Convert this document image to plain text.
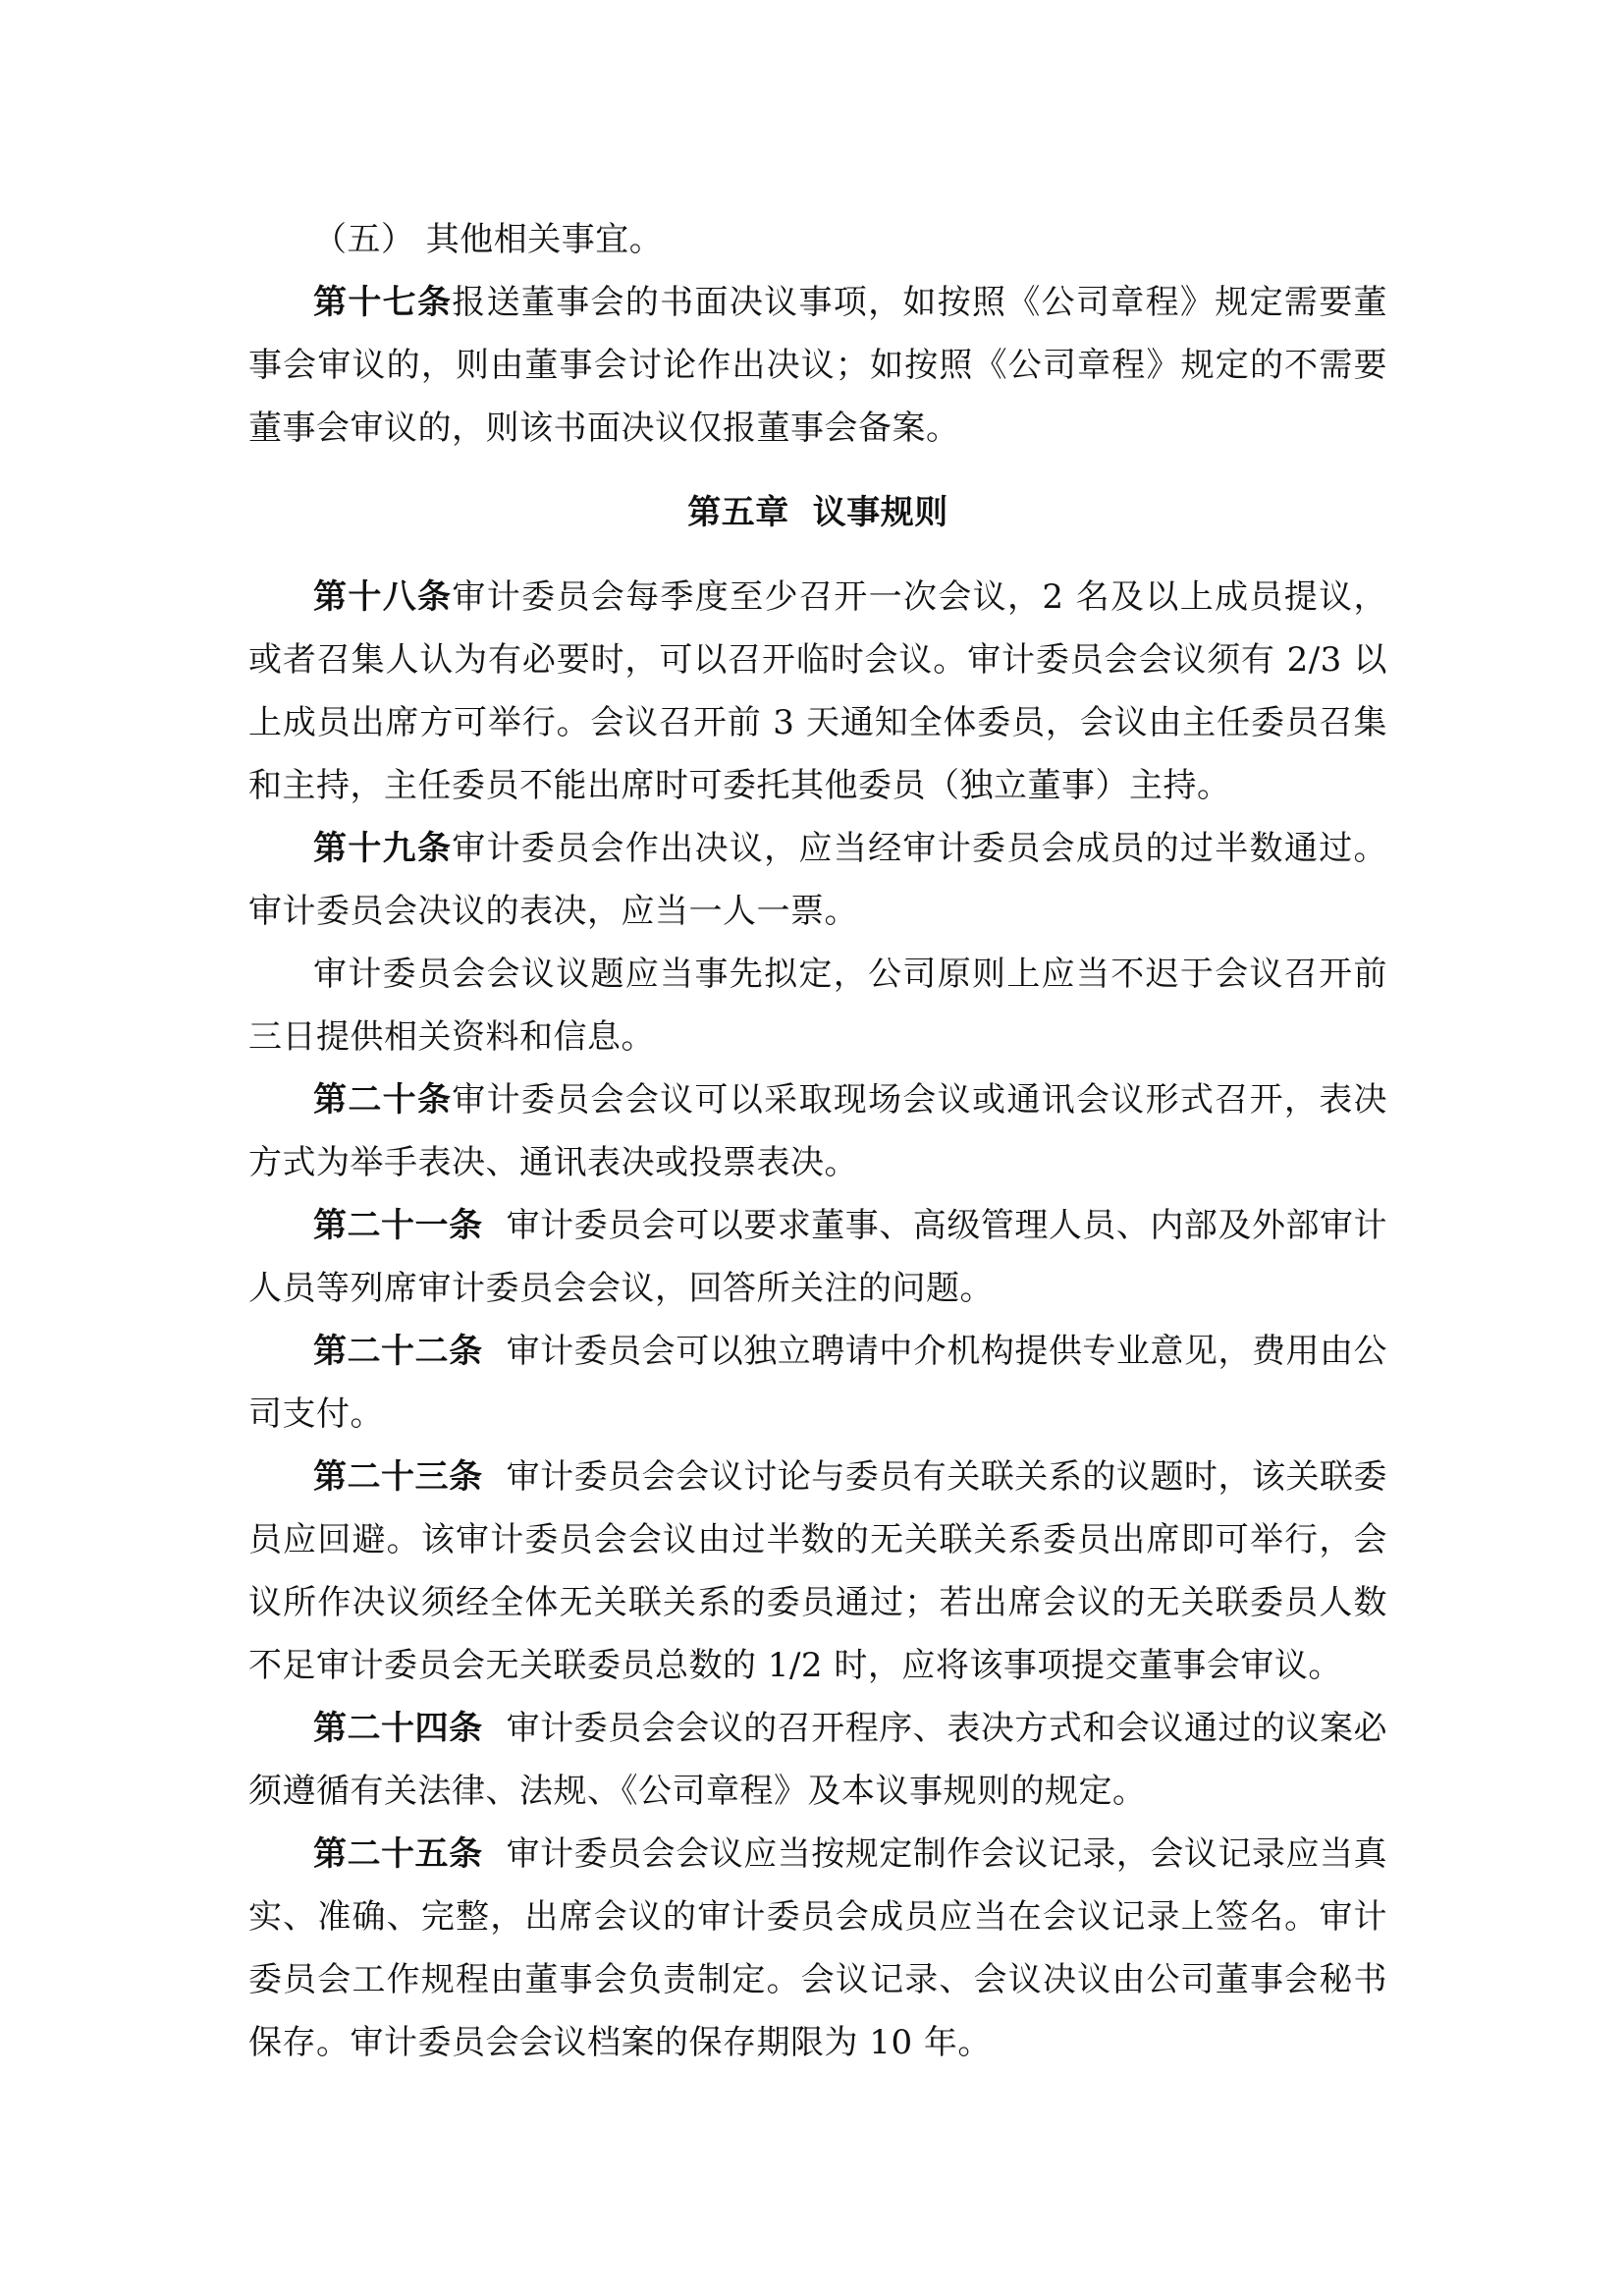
（五） 其他相关事宜。

第十七条报送董事会的书面决议事项，如按照《公司章程》规定需要董事会审议的，则由董事会讨论作出决议；如按照《公司章程》规定的不需要董事会审议的，则该书面决议仅报董事会备案。

第五章 议事规则

第十八条审计委员会每季度至少召开一次会议，2 名及以上成员提议，或者召集人认为有必要时，可以召开临时会议。审计委员会会议须有 2/3 以上成员出席方可举行。会议召开前 3 天通知全体委员，会议由主任委员召集和主持，主任委员不能出席时可委托其他委员（独立董事）主持。

第十九条审计委员会作出决议，应当经审计委员会成员的过半数通过。审计委员会决议的表决，应当一人一票。

审计委员会会议议题应当事先拟定，公司原则上应当不迟于会议召开前三日提供相关资料和信息。

第二十条审计委员会会议可以采取现场会议或通讯会议形式召开，表决方式为举手表决、通讯表决或投票表决。

第二十一条 审计委员会可以要求董事、高级管理人员、内部及外部审计人员等列席审计委员会会议，回答所关注的问题。

第二十二条 审计委员会可以独立聘请中介机构提供专业意见，费用由公司支付。

第二十三条 审计委员会会议讨论与委员有关联关系的议题时，该关联委员应回避。该审计委员会会议由过半数的无关联关系委员出席即可举行，会议所作决议须经全体无关联关系的委员通过；若出席会议的无关联委员人数不足审计委员会无关联委员总数的 1/2 时，应将该事项提交董事会审议。

第二十四条 审计委员会会议的召开程序、表决方式和会议通过的议案必须遵循有关法律、法规、《公司章程》及本议事规则的规定。

第二十五条 审计委员会会议应当按规定制作会议记录，会议记录应当真实、准确、完整，出席会议的审计委员会成员应当在会议记录上签名。审计委员会工作规程由董事会负责制定。会议记录、会议决议由公司董事会秘书保存。审计委员会会议档案的保存期限为 10 年。
